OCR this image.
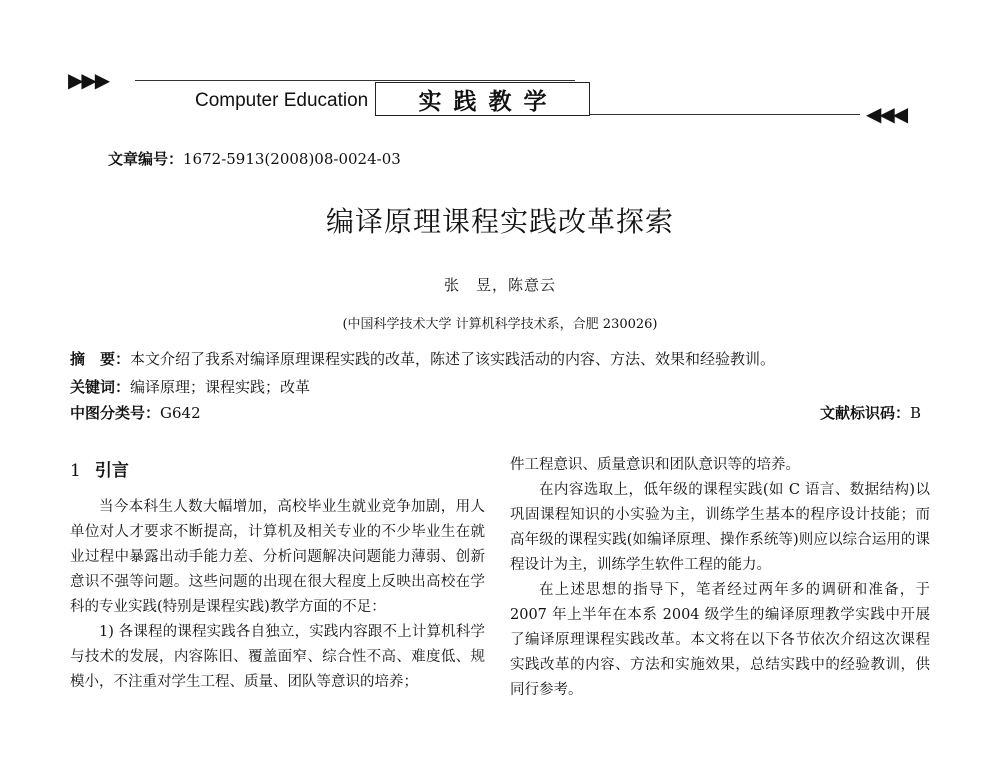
▶▶▶
Computer Education	实践教学	◀◀◀
文章编号：1672-5913(2008)08-0024-03
编译原理课程实践改革探索
张　昱，陈意云
(中国科学技术大学 计算机科学技术系，合肥 230026)
摘　要：本文介绍了我系对编译原理课程实践的改革，陈述了该实践活动的内容、方法、效果和经验教训。
关键词：编译原理；课程实践；改革
中图分类号：G642	文献标识码：B
1 引言

当今本科生人数大幅增加，高校毕业生就业竞争加剧，用人单位对人才要求不断提高，计算机及相关专业的不少毕业生在就业过程中暴露出动手能力差、分析问题解决问题能力薄弱、创新意识不强等问题。这些问题的出现在很大程度上反映出高校在学科的专业实践(特别是课程实践)教学方面的不足：

1) 各课程的课程实践各自独立，实践内容跟不上计算机科学与技术的发展，内容陈旧、覆盖面窄、综合性不高、难度低、规模小，不注重对学生工程、质量、团队等意识的培养；

件工程意识、质量意识和团队意识等的培养。

在内容选取上，低年级的课程实践(如 C 语言、数据结构)以巩固课程知识的小实验为主，训练学生基本的程序设计技能；而高年级的课程实践(如编译原理、操作系统等)则应以综合运用的课程设计为主，训练学生软件工程的能力。

在上述思想的指导下，笔者经过两年多的调研和准备，于 2007 年上半年在本系 2004 级学生的编译原理教学实践中开展了编译原理课程实践改革。本文将在以下各节依次介绍这次课程实践改革的内容、方法和实施效果，总结实践中的经验教训，供同行参考。
